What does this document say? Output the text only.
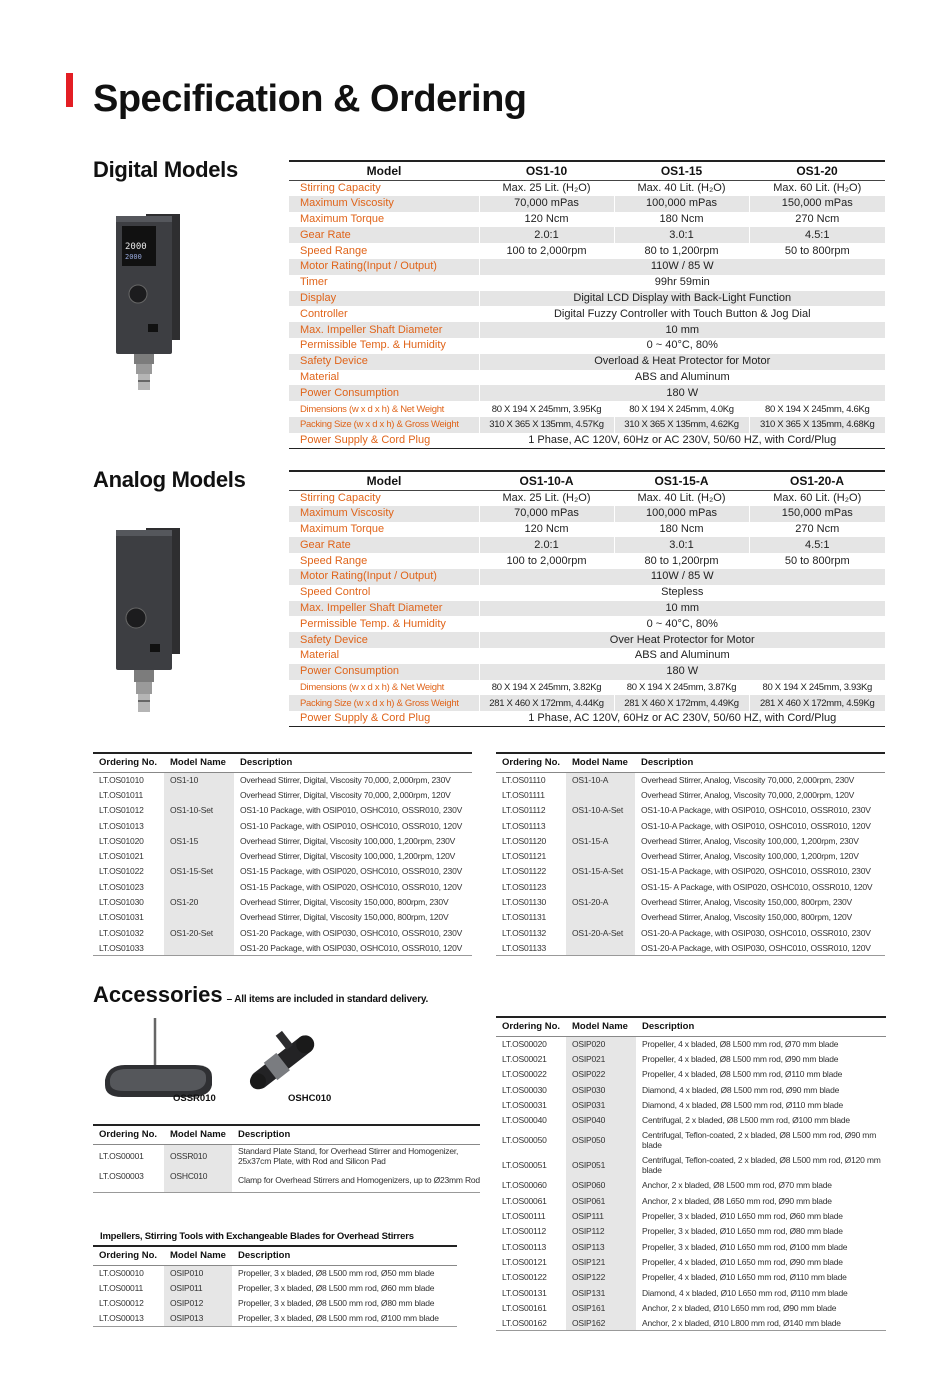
Specification & Ordering
Digital Models
2000
2000
Model	OS1-10	OS1-15	OS1-20
Stirring Capacity	Max. 25 Lit. (H₂O)	Max. 40 Lit. (H₂O)	Max. 60 Lit. (H₂O)
Maximum Viscosity	70,000 mPas	100,000 mPas	150,000 mPas
Maximum Torque	120 Ncm	180 Ncm	270 Ncm
Gear Rate	2.0:1	3.0:1	4.5:1
Speed Range	100 to 2,000rpm	80 to 1,200rpm	50 to 800rpm
Motor Rating(Input / Output)	110W / 85 W		
Timer	99hr 59min		
Display	Digital LCD Display with Back-Light Function		
Controller	Digital Fuzzy Controller with Touch Button & Jog Dial		
Max. Impeller Shaft Diameter	10 mm		
Permissible Temp. & Humidity	0 ~ 40°C, 80%		
Safety Device	Overload & Heat Protector for Motor		
Material	ABS and Aluminum		
Power Consumption	180 W		
Dimensions (w x d x h) & Net Weight	80 X 194 X 245mm, 3.95Kg	80 X 194 X 245mm, 4.0Kg	80 X 194 X 245mm, 4.6Kg
Packing Size (w x d x h) & Gross Weight	310 X 365 X 135mm, 4.57Kg	310 X 365 X 135mm, 4.62Kg	310 X 365 X 135mm, 4.68Kg
Power Supply & Cord Plug	1 Phase, AC 120V, 60Hz or AC 230V, 50/60 HZ, with Cord/Plug		
Analog Models	Model	OS1-10-A	OS1-15-A	OS1-20-A
Stirring Capacity	Max. 25 Lit. (H₂O)	Max. 40 Lit. (H₂O)	Max. 60 Lit. (H₂O)
Maximum Viscosity	70,000 mPas	100,000 mPas	150,000 mPas
Maximum Torque	120 Ncm	180 Ncm	270 Ncm
Gear Rate	2.0:1	3.0:1	4.5:1
Speed Range	100 to 2,000rpm	80 to 1,200rpm	50 to 800rpm
Motor Rating(Input / Output)	110W / 85 W		
Speed Control	Stepless		
Max. Impeller Shaft Diameter	10 mm		
Permissible Temp. & Humidity	0 ~ 40°C, 80%		
Safety Device	Over Heat Protector for Motor		
Material	ABS and Aluminum		
Power Consumption	180 W		
Dimensions (w x d x h) & Net Weight	80 X 194 X 245mm, 3.82Kg	80 X 194 X 245mm, 3.87Kg	80 X 194 X 245mm, 3.93Kg
Packing Size (w x d x h) & Gross Weight	281 X 460 X 172mm, 4.44Kg	281 X 460 X 172mm, 4.49Kg	281 X 460 X 172mm, 4.59Kg
Power Supply & Cord Plug	1 Phase, AC 120V, 60Hz or AC 230V, 50/60 HZ, with Cord/Plug		
Ordering No.	Model Name	Description
LT.OS01010	OS1-10	Overhead Stirrer, Digital, Viscosity 70,000, 2,000rpm, 230V
LT.OS01011		Overhead Stirrer, Digital, Viscosity 70,000, 2,000rpm, 120V
LT.OS01012	OS1-10-Set	OS1-10 Package, with OSIP010, OSHC010, OSSR010, 230V
LT.OS01013		OS1-10 Package, with OSIP010, OSHC010, OSSR010, 120V
LT.OS01020	OS1-15	Overhead Stirrer, Digital, Viscosity 100,000, 1,200rpm, 230V
LT.OS01021		Overhead Stirrer, Digital, Viscosity 100,000, 1,200rpm, 120V
LT.OS01022	OS1-15-Set	OS1-15 Package, with OSIP020, OSHC010, OSSR010, 230V
LT.OS01023		OS1-15 Package, with OSIP020, OSHC010, OSSR010, 120V
LT.OS01030	OS1-20	Overhead Stirrer, Digital, Viscosity 150,000, 800rpm, 230V
LT.OS01031		Overhead Stirrer, Digital, Viscosity 150,000, 800rpm, 120V
LT.OS01032	OS1-20-Set	OS1-20 Package, with OSIP030, OSHC010, OSSR010, 230V
LT.OS01033		OS1-20 Package, with OSIP030, OSHC010, OSSR010, 120V
Ordering No.	Model Name	Description
LT.OS01110	OS1-10-A	Overhead Stirrer, Analog, Viscosity 70,000, 2,000rpm, 230V
LT.OS01111		Overhead Stirrer, Analog, Viscosity 70,000, 2,000rpm, 120V
LT.OS01112	OS1-10-A-Set	OS1-10-A Package, with OSIP010, OSHC010, OSSR010, 230V
LT.OS01113		OS1-10-A Package, with OSIP010, OSHC010, OSSR010, 120V
LT.OS01120	OS1-15-A	Overhead Stirrer, Analog, Viscosity 100,000, 1,200rpm, 230V
LT.OS01121		Overhead Stirrer, Analog, Viscosity 100,000, 1,200rpm, 120V
LT.OS01122	OS1-15-A-Set	OS1-15-A Package, with OSIP020, OSHC010, OSSR010, 230V
LT.OS01123		OS1-15- A Package, with OSIP020, OSHC010, OSSR010, 120V
LT.OS01130	OS1-20-A	Overhead Stirrer, Analog, Viscosity 150,000, 800rpm, 230V
LT.OS01131		Overhead Stirrer, Analog, Viscosity 150,000, 800rpm, 120V
LT.OS01132	OS1-20-A-Set	OS1-20-A Package, with OSIP030, OSHC010, OSSR010, 230V
LT.OS01133		OS1-20-A Package, with OSIP030, OSHC010, OSSR010, 120V
Accessories – All items are included in standard delivery.
OSSR010	OSHC010
Ordering No.	Model Name	Description
LT.OS00001	OSSR010	Standard Plate Stand, for Overhead Stirrer and Homogenizer, 25x37cm Plate, with Rod and Silicon Pad
LT.OS00003	OSHC010	Clamp for Overhead Stirrers and Homogenizers, up to Ø23mm Rod
Impellers, Stirring Tools with Exchangeable Blades for Overhead Stirrers
Ordering No.	Model Name	Description
LT.OS00010	OSIP010	Propeller, 3 x bladed, Ø8 L500 mm rod, Ø50 mm blade
LT.OS00011	OSIP011	Propeller, 3 x bladed, Ø8 L500 mm rod, Ø60 mm blade
LT.OS00012	OSIP012	Propeller, 3 x bladed, Ø8 L500 mm rod, Ø80 mm blade
LT.OS00013	OSIP013	Propeller, 3 x bladed, Ø8 L500 mm rod, Ø100 mm blade
Ordering No.	Model Name	Description
LT.OS00020	OSIP020	Propeller, 4 x bladed, Ø8 L500 mm rod, Ø70 mm blade
LT.OS00021	OSIP021	Propeller, 4 x bladed, Ø8 L500 mm rod, Ø90 mm blade
LT.OS00022	OSIP022	Propeller, 4 x bladed, Ø8 L500 mm rod, Ø110 mm blade
LT.OS00030	OSIP030	Diamond, 4 x bladed, Ø8 L500 mm rod, Ø90 mm blade
LT.OS00031	OSIP031	Diamond, 4 x bladed, Ø8 L500 mm rod, Ø110 mm blade
LT.OS00040	OSIP040	Centrifugal, 2 x bladed, Ø8 L500 mm rod, Ø100 mm blade
LT.OS00050	OSIP050	Centrifugal, Teflon-coated, 2 x bladed, Ø8 L500 mm rod, Ø90 mm blade
LT.OS00051	OSIP051	Centrifugal, Teflon-coated, 2 x bladed, Ø8 L500 mm rod, Ø120 mm blade
LT.OS00060	OSIP060	Anchor, 2 x bladed, Ø8 L500 mm rod, Ø70 mm blade
LT.OS00061	OSIP061	Anchor, 2 x bladed, Ø8 L650 mm rod, Ø90 mm blade
LT.OS00111	OSIP111	Propeller, 3 x bladed, Ø10 L650 mm rod, Ø60 mm blade
LT.OS00112	OSIP112	Propeller, 3 x bladed, Ø10 L650 mm rod, Ø80 mm blade
LT.OS00113	OSIP113	Propeller, 3 x bladed, Ø10 L650 mm rod, Ø100 mm blade
LT.OS00121	OSIP121	Propeller, 4 x bladed, Ø10 L650 mm rod, Ø90 mm blade
LT.OS00122	OSIP122	Propeller, 4 x bladed, Ø10 L650 mm rod, Ø110 mm blade
LT.OS00131	OSIP131	Diamond, 4 x bladed, Ø10 L650 mm rod, Ø110 mm blade
LT.OS00161	OSIP161	Anchor, 2 x bladed, Ø10 L650 mm rod, Ø90 mm blade
LT.OS00162	OSIP162	Anchor, 2 x bladed, Ø10 L800 mm rod, Ø140 mm blade
